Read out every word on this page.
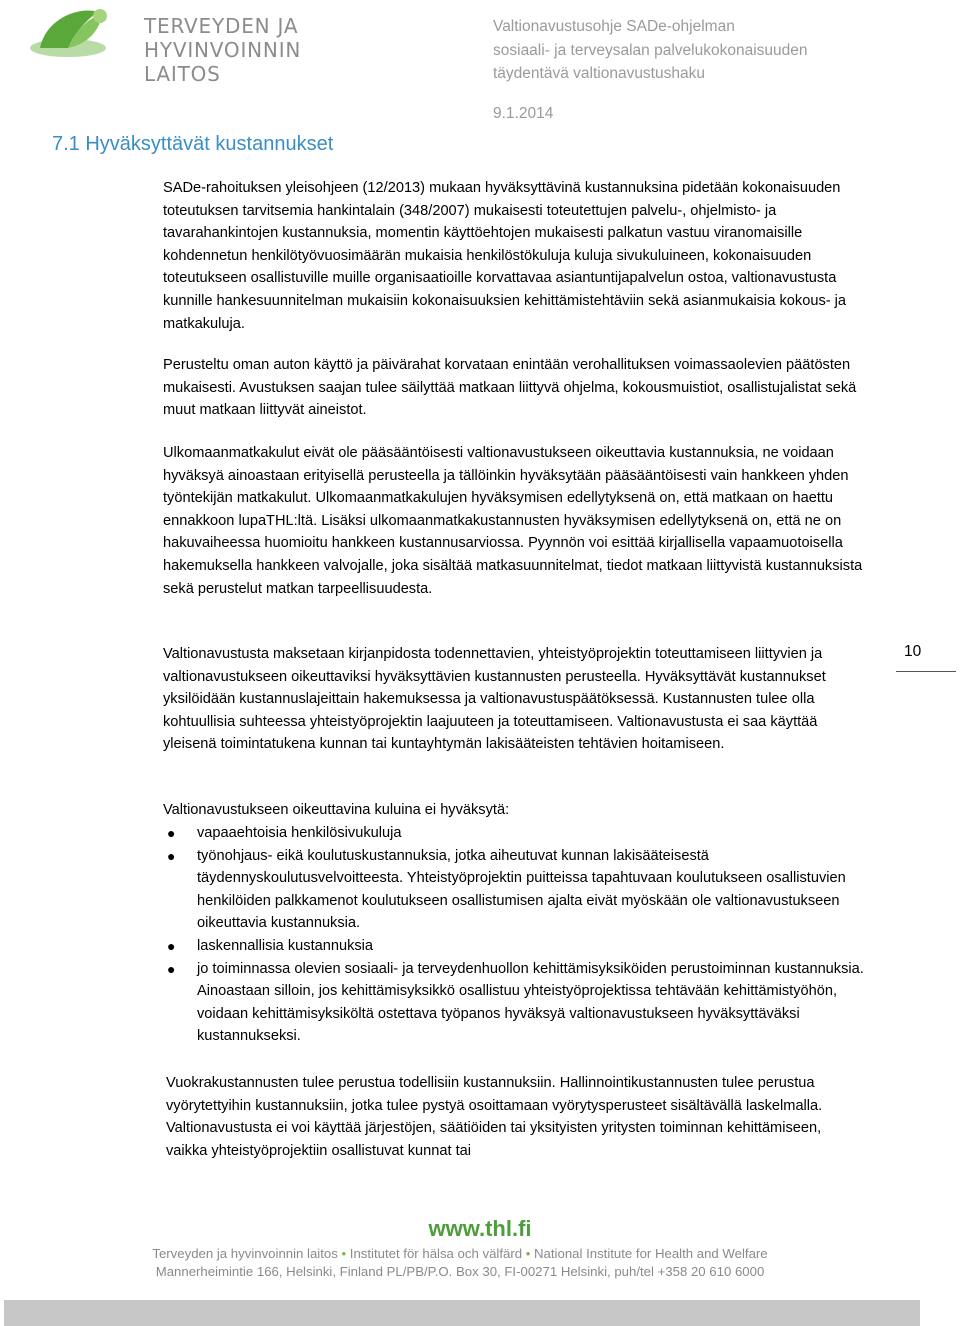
TERVEYDEN JA
HYVINVOINNIN LAITOS
Valtionavustusohje SADe-ohjelman
sosiaali- ja terveysalan palvelukokonaisuuden
täydentävä valtionavustushaku
9.1.2014
7.1 Hyväksyttävät kustannukset

SADe-rahoituksen yleisohjeen (12/2013) mukaan hyväksyttävinä kustannuksina pidetään kokonaisuuden toteutuksen tarvitsemia hankintalain (348/2007) mukaisesti toteutettujen palvelu-, ohjelmisto- ja tavarahankintojen kustannuksia, momentin käyttöehtojen mukaisesti palkatun vastuu viranomaisille kohdennetun henkilötyövuosimäärän mukaisia henkilöstökuluja kuluja sivukuluineen, kokonaisuuden toteutukseen osallistuville muille organisaatioille korvattavaa asiantuntijapalvelun ostoa, valtionavustusta kunnille hankesuunnitelman mukaisiin kokonaisuuksien kehittämistehtäviin sekä asianmukaisia kokous- ja matkakuluja.

Perusteltu oman auton käyttö ja päivärahat korvataan enintään verohallituksen voimassaolevien päätösten mukaisesti. Avustuksen saajan tulee säilyttää matkaan liittyvä ohjelma, kokousmuistiot, osallistujalistat sekä muut matkaan liittyvät aineistot.

Ulkomaanmatkakulut eivät ole pääsääntöisesti valtionavustukseen oikeuttavia kustannuksia, ne voidaan hyväksyä ainoastaan erityisellä perusteella ja tällöinkin hyväksytään pääsääntöisesti vain hankkeen yhden työntekijän matkakulut. Ulkomaanmatkakulujen hyväksymisen edellytyksenä on, että matkaan on haettu ennakkoon lupaTHL:ltä. Lisäksi ulkomaanmatkakustannusten hyväksymisen edellytyksenä on, että ne on hakuvaiheessa huomioitu hankkeen kustannusarviossa. Pyynnön voi esittää kirjallisella vapaamuotoisella hakemuksella hankkeen valvojalle, joka sisältää matkasuunnitelmat, tiedot matkaan liittyvistä kustannuksista sekä perustelut matkan tarpeellisuudesta.

Valtionavustusta maksetaan kirjanpidosta todennettavien, yhteistyöprojektin toteuttamiseen liittyvien ja valtionavustukseen oikeuttaviksi hyväksyttävien kustannusten perusteella. Hyväksyttävät kustannukset yksilöidään kustannuslajeittain hakemuksessa ja valtionavustuspäätöksessä. Kustannusten tulee olla kohtuullisia suhteessa yhteistyöprojektin laajuuteen ja toteuttamiseen. Valtionavustusta ei saa käyttää yleisenä toimintatukena kunnan tai kuntayhtymän lakisääteisten tehtävien hoitamiseen.

Valtionavustukseen oikeuttavina kuluina ei hyväksytä:

● vapaaehtoisia henkilösivukuluja
● työnohjaus- eikä koulutuskustannuksia, jotka aiheutuvat kunnan lakisääteisestä täydennyskoulutusvelvoitteesta. Yhteistyöprojektin puitteissa tapahtuvaan koulutukseen osallistuvien henkilöiden palkkamenot koulutukseen osallistumisen ajalta eivät myöskään ole valtionavustukseen oikeuttavia kustannuksia.
● laskennallisia kustannuksia
● jo toiminnassa olevien sosiaali- ja terveydenhuollon kehittämisyksiköiden perustoiminnan kustannuksia. Ainoastaan silloin, jos kehittämisyksikkö osallistuu yhteistyöprojektissa tehtävään kehittämistyöhön, voidaan kehittämisyksiköltä ostettava työpanos hyväksyä valtionavustukseen hyväksyttäväksi kustannukseksi.

Vuokrakustannusten tulee perustua todellisiin kustannuksiin. Hallinnointikustannusten tulee perustua vyörytettyihin kustannuksiin, jotka tulee pystyä osoittamaan vyörytysperusteet sisältävällä laskelmalla. Valtionavustusta ei voi käyttää järjestöjen, säätiöiden tai yksityisten yritysten toiminnan kehittämiseen, vaikka yhteistyöprojektiin osallistuvat kunnat tai

10
www.thl.fi
Terveyden ja hyvinvoinnin laitos • Institutet för hälsa och välfärd • National Institute for Health and Welfare
Mannerheimintie 166, Helsinki, Finland PL/PB/P.O. Box 30, FI-00271 Helsinki, puh/tel +358 20 610 6000
